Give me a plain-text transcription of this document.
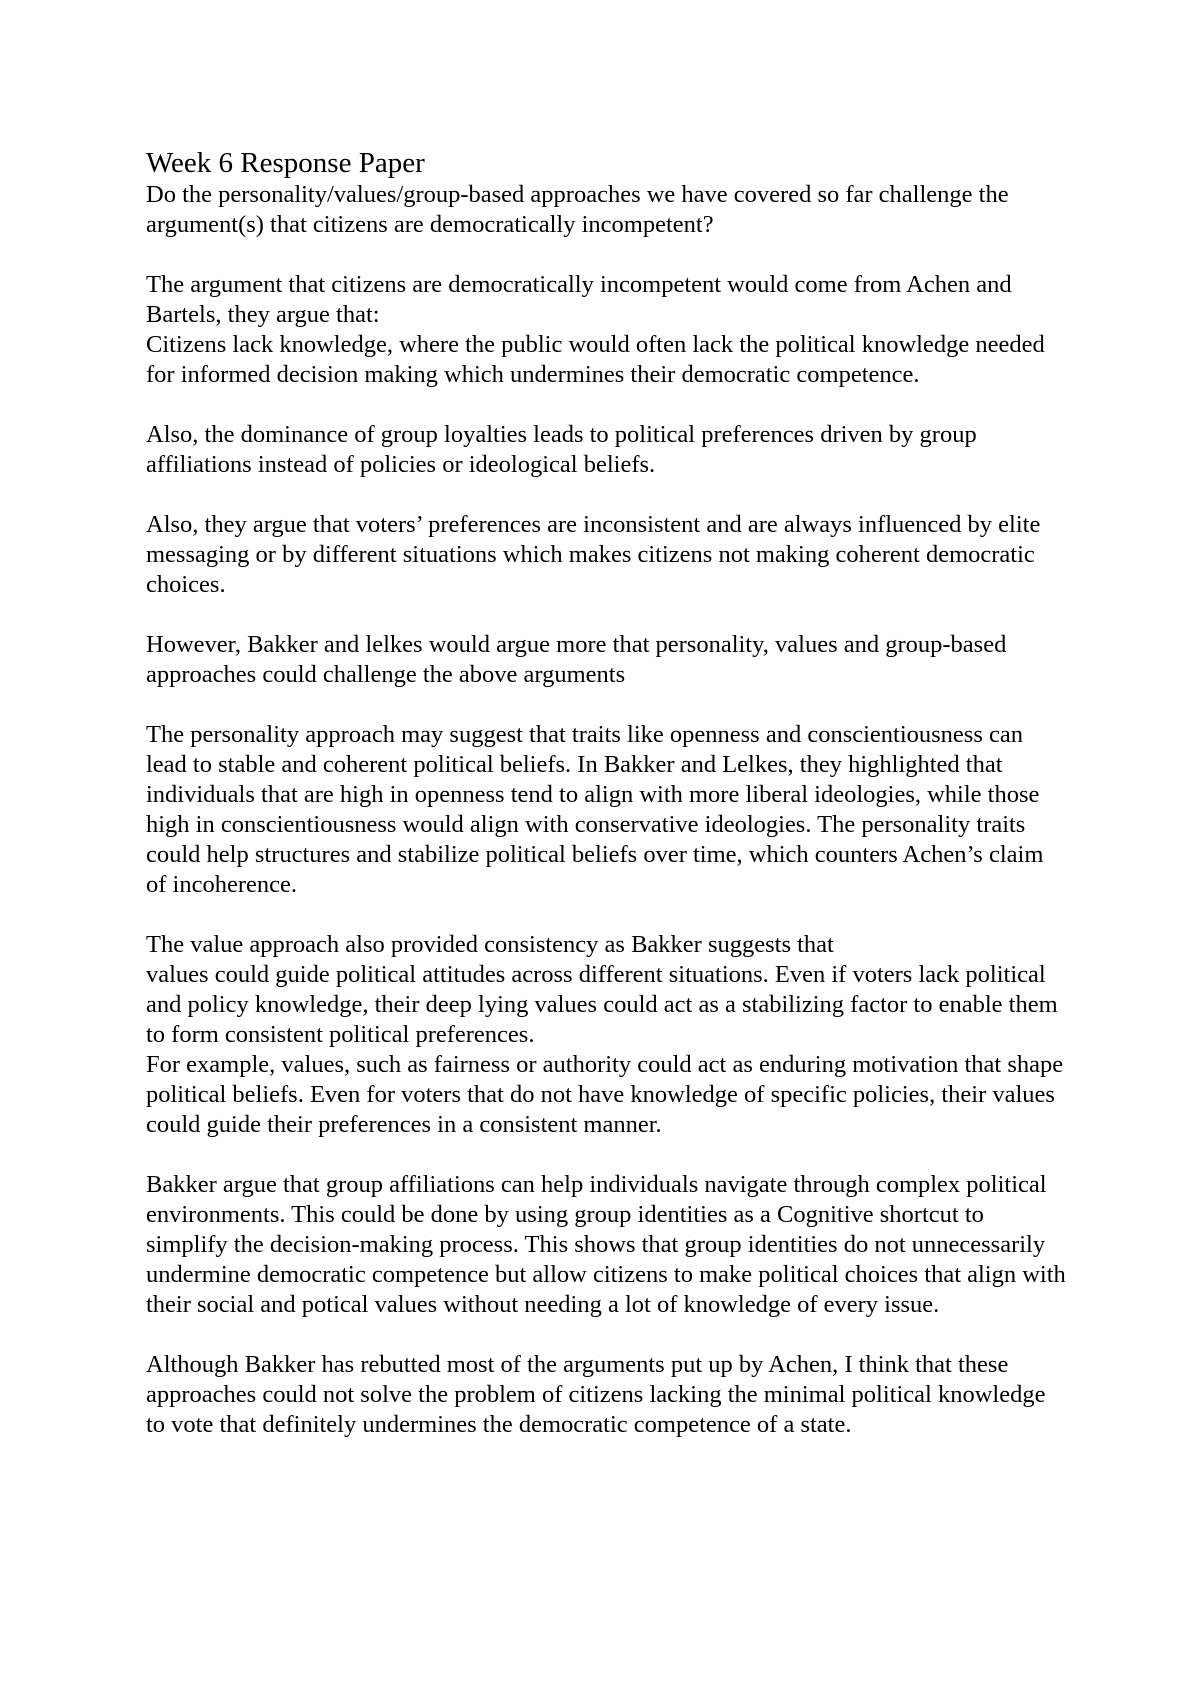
Week 6 Response Paper

Do the personality/values/group-based approaches we have covered so far challenge the argument(s) that citizens are democratically incompetent?

The argument that citizens are democratically incompetent would come from Achen and Bartels, they argue that:

Citizens lack knowledge, where the public would often lack the political knowledge needed for informed decision making which undermines their democratic competence.

Also, the dominance of group loyalties leads to political preferences driven by group affiliations instead of policies or ideological beliefs.

Also, they argue that voters’ preferences are inconsistent and are always influenced by elite messaging or by different situations which makes citizens not making coherent democratic choices.

However, Bakker and lelkes would argue more that personality, values and group-based approaches could challenge the above arguments

The personality approach may suggest that traits like openness and conscientiousness can lead to stable and coherent political beliefs. In Bakker and Lelkes, they highlighted that individuals that are high in openness tend to align with more liberal ideologies, while those high in conscientiousness would align with conservative ideologies. The personality traits could help structures and stabilize political beliefs over time, which counters Achen’s claim of incoherence.

The value approach also provided consistency as Bakker suggests that

values could guide political attitudes across different situations. Even if voters lack political and policy knowledge, their deep lying values could act as a stabilizing factor to enable them to form consistent political preferences.

For example, values, such as fairness or authority could act as enduring motivation that shape political beliefs. Even for voters that do not have knowledge of specific policies, their values could guide their preferences in a consistent manner.

Bakker argue that group affiliations can help individuals navigate through complex political environments. This could be done by using group identities as a Cognitive shortcut to simplify the decision-making process. This shows that group identities do not unnecessarily undermine democratic competence but allow citizens to make political choices that align with their social and potical values without needing a lot of knowledge of every issue.

Although Bakker has rebutted most of the arguments put up by Achen, I think that these approaches could not solve the problem of citizens lacking the minimal political knowledge to vote that definitely undermines the democratic competence of a state.
